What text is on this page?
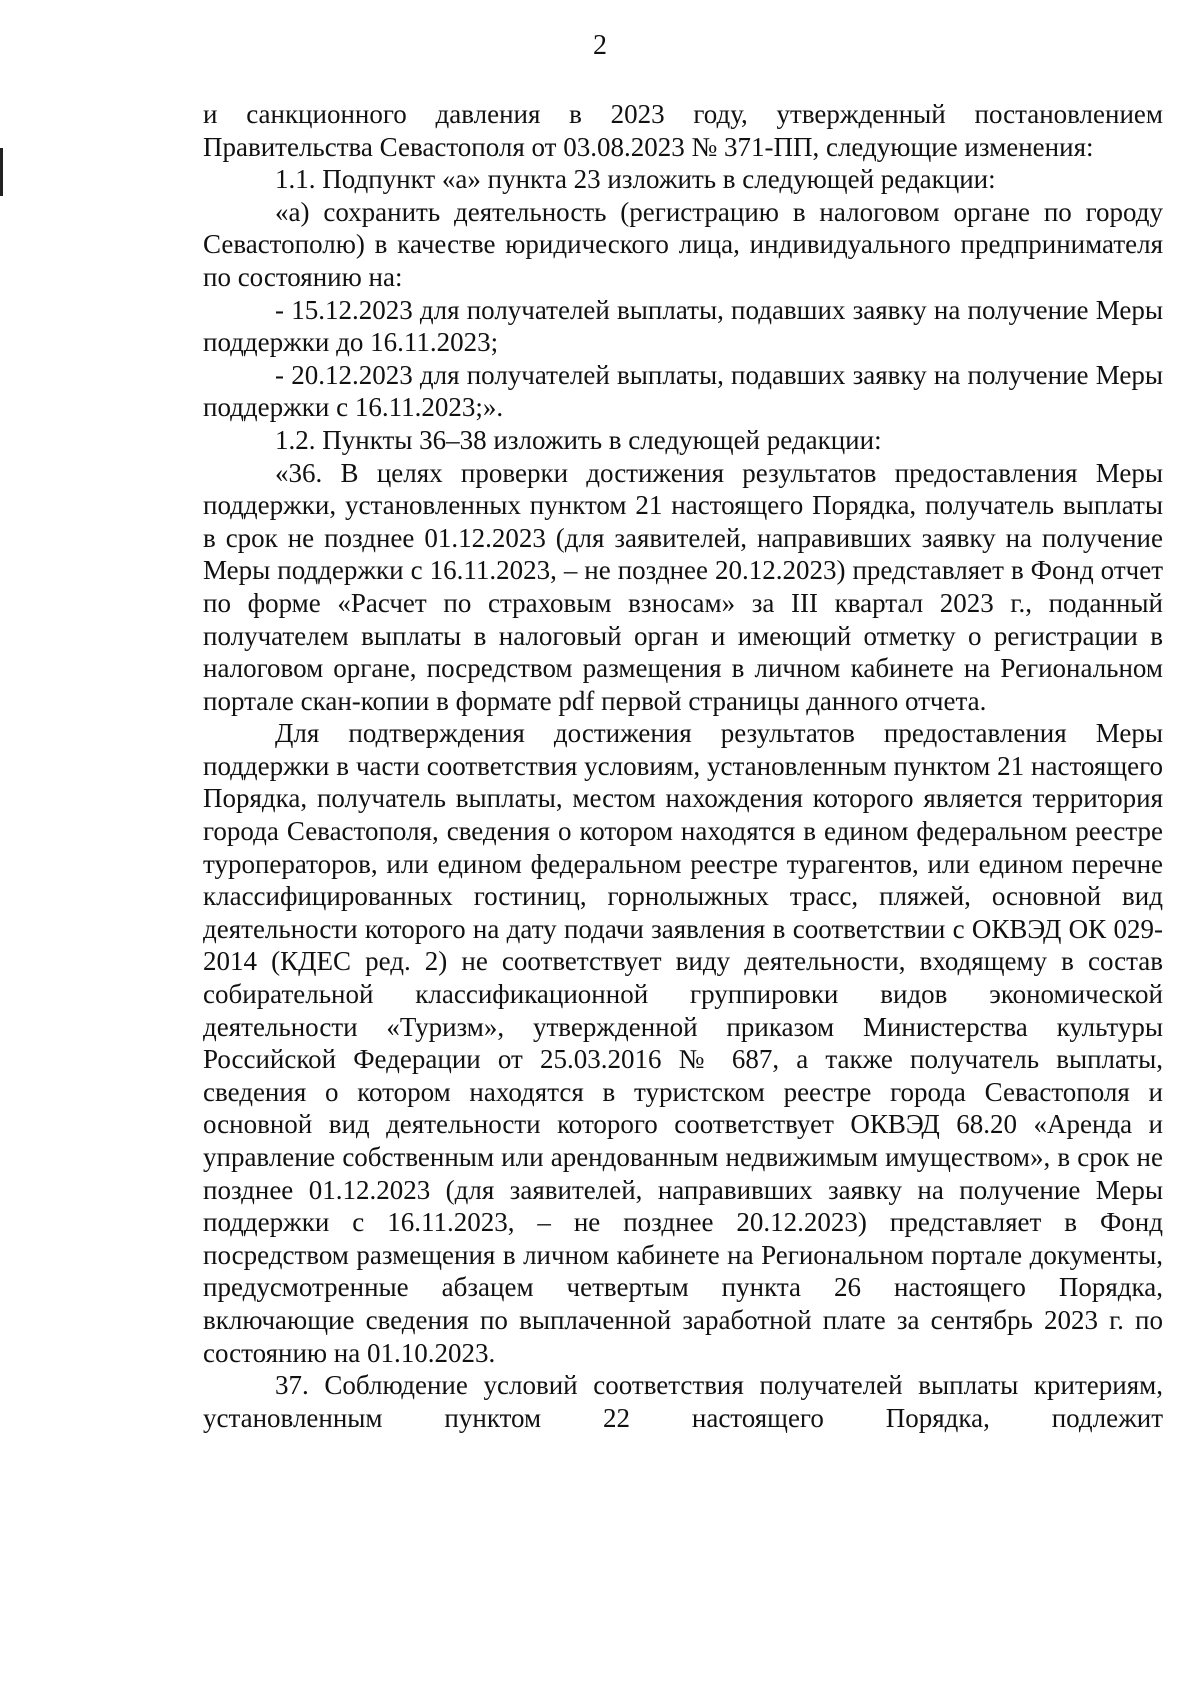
2

и санкционного давления в 2023 году, утвержденный постановлением Правительства Севастополя от 03.08.2023 № 371-ПП, следующие изменения:

1.1. Подпункт «а» пункта 23 изложить в следующей редакции:

«а) сохранить деятельность (регистрацию в налоговом органе по городу Севастополю) в качестве юридического лица, индивидуального предпринимателя по состоянию на:

- 15.12.2023 для получателей выплаты, подавших заявку на получение Меры поддержки до 16.11.2023;

- 20.12.2023 для получателей выплаты, подавших заявку на получение Меры поддержки с 16.11.2023;».

1.2. Пункты 36–38 изложить в следующей редакции:

«36. В целях проверки достижения результатов предоставления Меры поддержки, установленных пунктом 21 настоящего Порядка, получатель выплаты в срок не позднее 01.12.2023 (для заявителей, направивших заявку на получение Меры поддержки с 16.11.2023, – не позднее 20.12.2023) представляет в Фонд отчет по форме «Расчет по страховым взносам» за III квартал 2023 г., поданный получателем выплаты в налоговый орган и имеющий отметку о регистрации в налоговом органе, посредством размещения в личном кабинете на Региональном портале скан-копии в формате pdf первой страницы данного отчета.

Для подтверждения достижения результатов предоставления Меры поддержки в части соответствия условиям, установленным пунктом 21 настоящего Порядка, получатель выплаты, местом нахождения которого является территория города Севастополя, сведения о котором находятся в едином федеральном реестре туроператоров, или едином федеральном реестре турагентов, или едином перечне классифицированных гостиниц, горнолыжных трасс, пляжей, основной вид деятельности которого на дату подачи заявления в соответствии с ОКВЭД ОК 029-2014 (КДЕС ред. 2) не соответствует виду деятельности, входящему в состав собирательной классификационной группировки видов экономической деятельности «Туризм», утвержденной приказом Министерства культуры Российской Федерации от 25.03.2016 № 687, а также получатель выплаты, сведения о котором находятся в туристском реестре города Севастополя и основной вид деятельности которого соответствует ОКВЭД 68.20 «Аренда и управление собственным или арендованным недвижимым имуществом», в срок не позднее 01.12.2023 (для заявителей, направивших заявку на получение Меры поддержки с 16.11.2023, – не позднее 20.12.2023) представляет в Фонд посредством размещения в личном кабинете на Региональном портале документы, предусмотренные абзацем четвертым пункта 26 настоящего Порядка, включающие сведения по выплаченной заработной плате за сентябрь 2023 г. по состоянию на 01.10.2023.

37. Соблюдение условий соответствия получателей выплаты критериям, установленным пунктом 22 настоящего Порядка, подлежит
